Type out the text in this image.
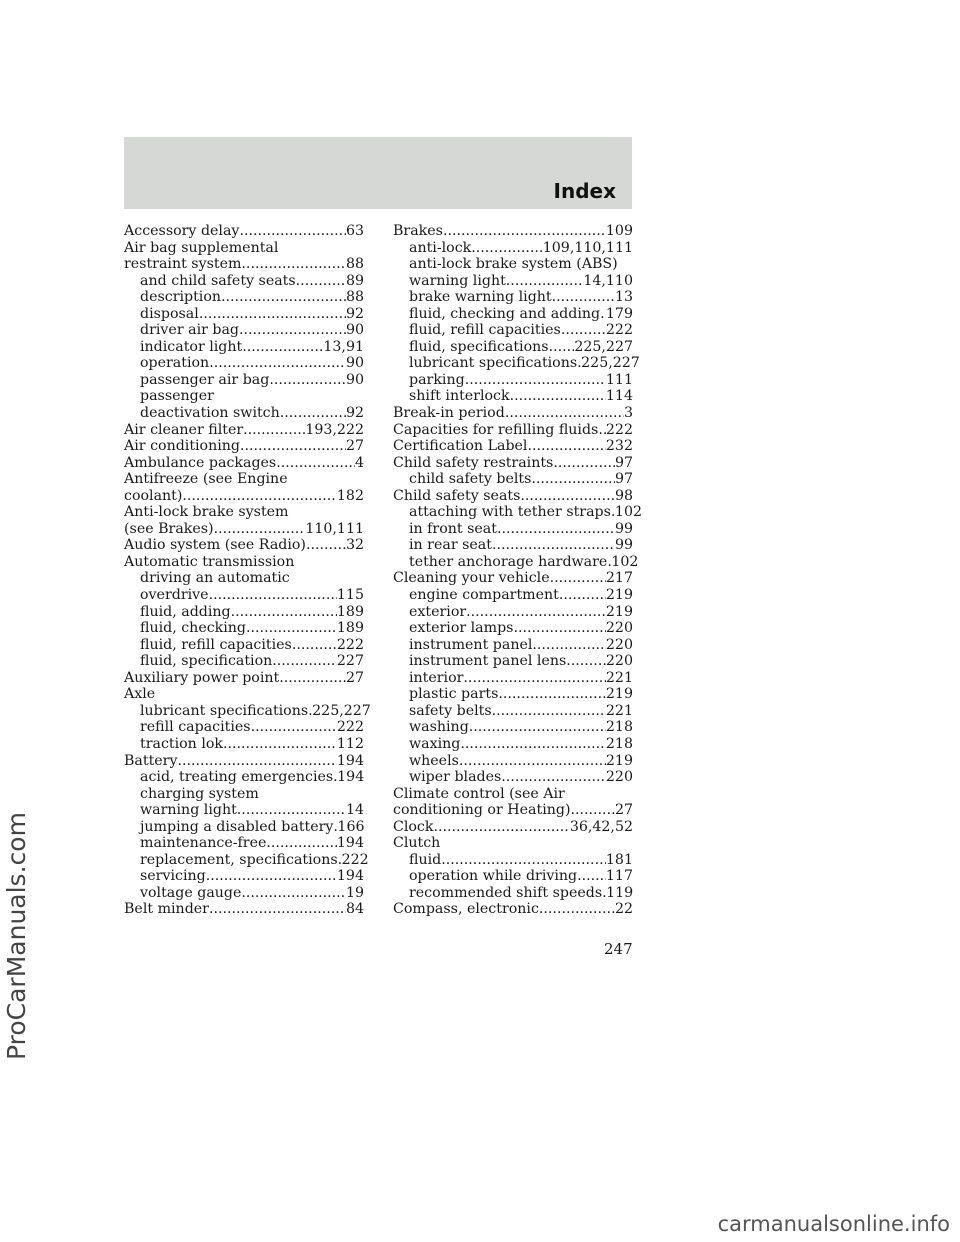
Index
Accessory delay .....	63
Air bag supplemental
restraint system .....	88
and child safety seats .....	89
description .....	88
disposal .....	92
driver air bag .....	90
indicator light .....	13,91
operation .....	90
passenger air bag .....	90
passenger
deactivation switch .....	92
Air cleaner filter .....	193,222
Air conditioning .....	27
Ambulance packages .....	4
Antifreeze (see Engine
coolant) .....	182
Anti-lock brake system
(see Brakes) .....	110,111
Audio system (see Radio) .....	32
Automatic transmission
driving an automatic
overdrive .....	115
fluid, adding .....	189
fluid, checking .....	189
fluid, refill capacities .....	222
fluid, specification .....	227
Auxiliary power point .....	27
Axle
lubricant specifications ..... 225,227
refill capacities .....	222
traction lok .....	112
Battery .....	194
acid, treating emergencies ..... 194
charging system
warning light .....	14
jumping a disabled battery ..... 166
maintenance-free .....	194
replacement, specifications ..... 222
servicing .....	194
voltage gauge .....	19
Belt minder .....	84
Brakes .....	109
anti-lock .....	109,110,111
anti-lock brake system (ABS)
warning light .....	14,110
brake warning light .....	13
fluid, checking and adding ..... 179
fluid, refill capacities .....	222
fluid, specifications ..... 225,227
lubricant specifications ..... 225,227
parking .....	111
shift interlock .....	114
Break-in period .....	3
Capacities for refilling fluids ..... 222
Certification Label .....	232
Child safety restraints .....	97
child safety belts .....	97
Child safety seats .....	98
attaching with tether straps ..... 102
in front seat .....	99
in rear seat .....	99
tether anchorage hardware ..... 102
Cleaning your vehicle .....	217
engine compartment .....	219
exterior .....	219
exterior lamps .....	220
instrument panel .....	220
instrument panel lens .....	220
interior .....	221
plastic parts .....	219
safety belts .....	221
washing .....	218
waxing .....	218
wheels .....	219
wiper blades .....	220
Climate control (see Air
conditioning or Heating) .....	27
Clock .....	36,42,52
Clutch
fluid .....	181
operation while driving ..... 117
recommended shift speeds ..... 119
Compass, electronic .....	22
247
ProCarManuals.com
carmanualsonline.info
